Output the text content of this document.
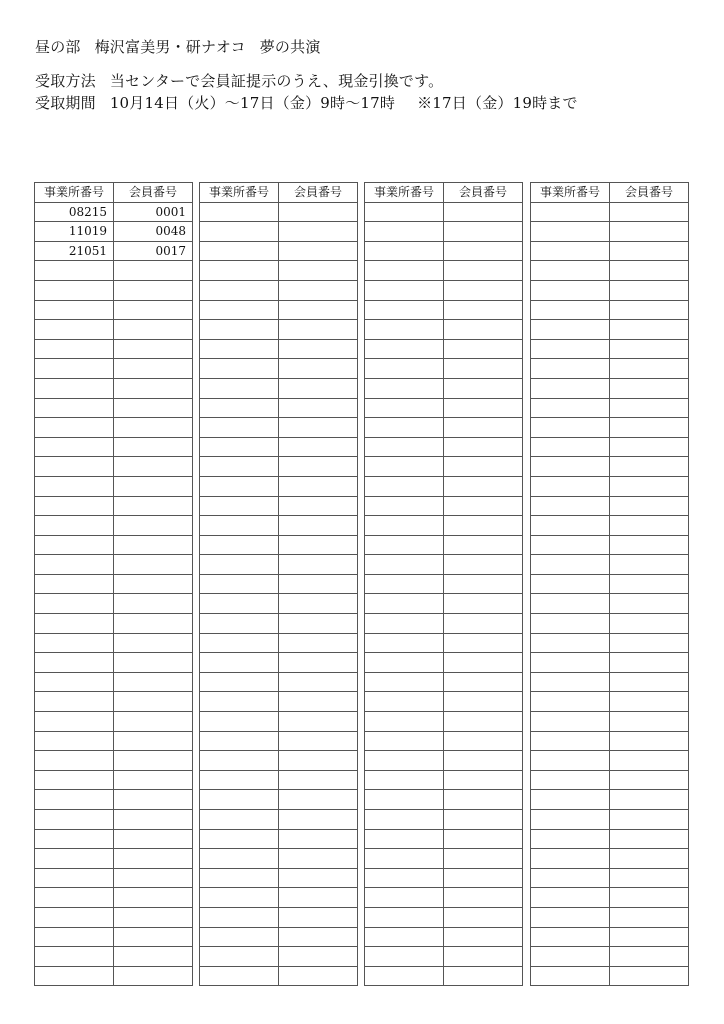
昼の部 梅沢富美男・研ナオコ 夢の共演
受取方法 当センターで会員証提示のうえ、現金引換です。
受取期間 10月14日（火）〜17日（金）9時〜17時 ※17日（金）19時まで
事業所番号	会員番号
08215	0001
11019	0048
21051	0017

事業所番号	会員番号

		事業所番号	会員番号

		事業所番号	会員番号
